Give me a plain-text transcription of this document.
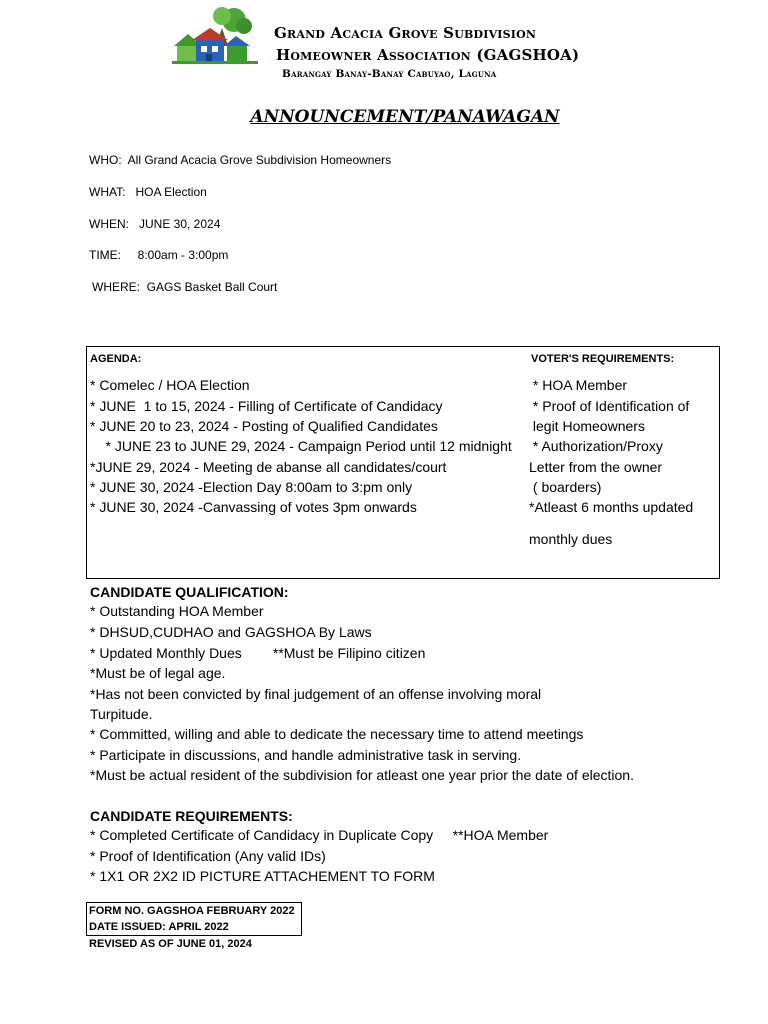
Grand Acacia Grove Subdivision
Homeowner Association (GAGSHOA)
Barangay Banay-Banay Cabuyao, Laguna
ANNOUNCEMENT/PANAWAGAN
WHO:  All Grand Acacia Grove Subdivision Homeowners
WHAT:   HOA Election
WHEN:   JUNE 30, 2024
TIME:     8:00am - 3:00pm
WHERE:  GAGS Basket Ball Court
AGENDA:	VOTER'S REQUIREMENTS:
* Comelec / HOA Election
* JUNE  1 to 15, 2024 - Filling of Certificate of Candidacy
* JUNE 20 to 23, 2024 - Posting of Qualified Candidates
* JUNE 23 to JUNE 29, 2024 - Campaign Period until 12 midnight
*JUNE 29, 2024 - Meeting de abanse all candidates/court
* JUNE 30, 2024 -Election Day 8:00am to 3:pm only
* JUNE 30, 2024 -Canvassing of votes 3pm onwards
* HOA Member
* Proof of Identification of
legit Homeowners
* Authorization/Proxy
Letter from the owner
( boarders)
*Atleast 6 months updated
monthly dues
CANDIDATE QUALIFICATION:
* Outstanding HOA Member
* DHSUD,CUDHAO and GAGSHOA By Laws
* Updated Monthly Dues        **Must be Filipino citizen
*Must be of legal age.
*Has not been convicted by final judgement of an offense involving moral
Turpitude.
* Committed, willing and able to dedicate the necessary time to attend meetings
* Participate in discussions, and handle administrative task in serving.
*Must be actual resident of the subdivision for atleast one year prior the date of election.
CANDIDATE REQUIREMENTS:
* Completed Certificate of Candidacy in Duplicate Copy     **HOA Member
* Proof of Identification (Any valid IDs)
* 1X1 OR 2X2 ID PICTURE ATTACHEMENT TO FORM
FORM NO. GAGSHOA FEBRUARY 2022
DATE ISSUED: APRIL 2022
REVISED AS OF JUNE 01, 2024
